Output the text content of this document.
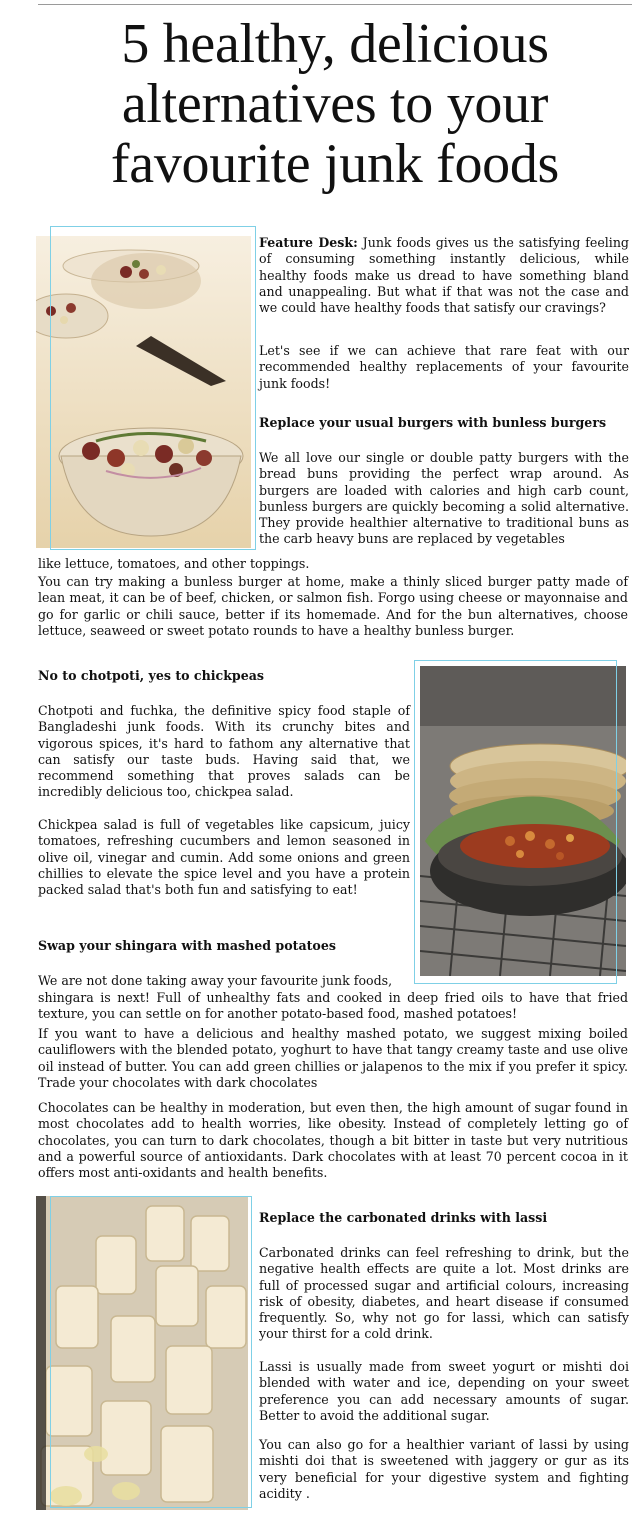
5 healthy, delicious alternatives to your favourite junk foods

Feature Desk: Junk foods gives us the satisfying feeling of consuming something instantly delicious, while healthy foods make us dread to have something bland and unappealing. But what if that was not the case and we could have healthy foods that satisfy our cravings?

Let's see if we can achieve that rare feat with our recommended healthy replacements of your favourite junk foods!

Replace your usual burgers with bunless burgers

We all love our single or double patty burgers with the bread buns providing the perfect wrap around. As burgers are loaded with calories and high carb count, bunless burgers are quickly becoming a solid alternative. They provide healthier alternative to traditional buns as the carb heavy buns are replaced by vegetables

like lettuce, tomatoes, and other toppings.

You can try making a bunless burger at home, make a thinly sliced burger patty made of lean meat, it can be of beef, chicken, or salmon fish. Forgo using cheese or mayonnaise and go for garlic or chili sauce, better if its homemade. And for the bun alternatives, choose lettuce, seaweed or sweet potato rounds to have a healthy bunless burger.

No to chotpoti, yes to chickpeas

Chotpoti and fuchka, the definitive spicy food staple of Bangladeshi junk foods. With its crunchy bites and vigorous spices, it's hard to fathom any alternative that can satisfy our taste buds. Having said that, we recommend something that proves salads can be incredibly delicious too, chickpea salad.

Chickpea salad is full of vegetables like capsicum, juicy tomatoes, refreshing cucumbers and lemon seasoned in olive oil, vinegar and cumin. Add some onions and green chillies to elevate the spice level and you have a protein packed salad that's both fun and satisfying to eat!

Swap your shingara with mashed potatoes

We are not done taking away your favourite junk foods,

shingara is next! Full of unhealthy fats and cooked in deep fried oils to have that fried texture, you can settle on for another potato-based food, mashed potatoes!

If you want to have a delicious and healthy mashed potato, we suggest mixing boiled cauliflowers with the blended potato, yoghurt to have that tangy creamy taste and use olive oil instead of butter. You can add green chillies or jalapenos to the mix if you prefer it spicy. Trade your chocolates with dark chocolates

Chocolates can be healthy in moderation, but even then, the high amount of sugar found in most chocolates add to health worries, like obesity. Instead of completely letting go of chocolates, you can turn to dark chocolates, though a bit bitter in taste but very nutritious and a powerful source of antioxidants. Dark chocolates with at least 70 percent cocoa in it offers most anti-oxidants and health benefits.

Replace the carbonated drinks with lassi

Carbonated drinks can feel refreshing to drink, but the negative health effects are quite a lot. Most drinks are full of processed sugar and artificial colours, increasing risk of obesity, diabetes, and heart disease if consumed frequently. So, why not go for lassi, which can satisfy your thirst for a cold drink.

Lassi is usually made from sweet yogurt or mishti doi blended with water and ice, depending on your sweet preference you can add necessary amounts of sugar. Better to avoid the additional sugar.

You can also go for a healthier variant of lassi by using mishti doi that is sweetened with jaggery or gur as its very beneficial for your digestive system and fighting acidity .
